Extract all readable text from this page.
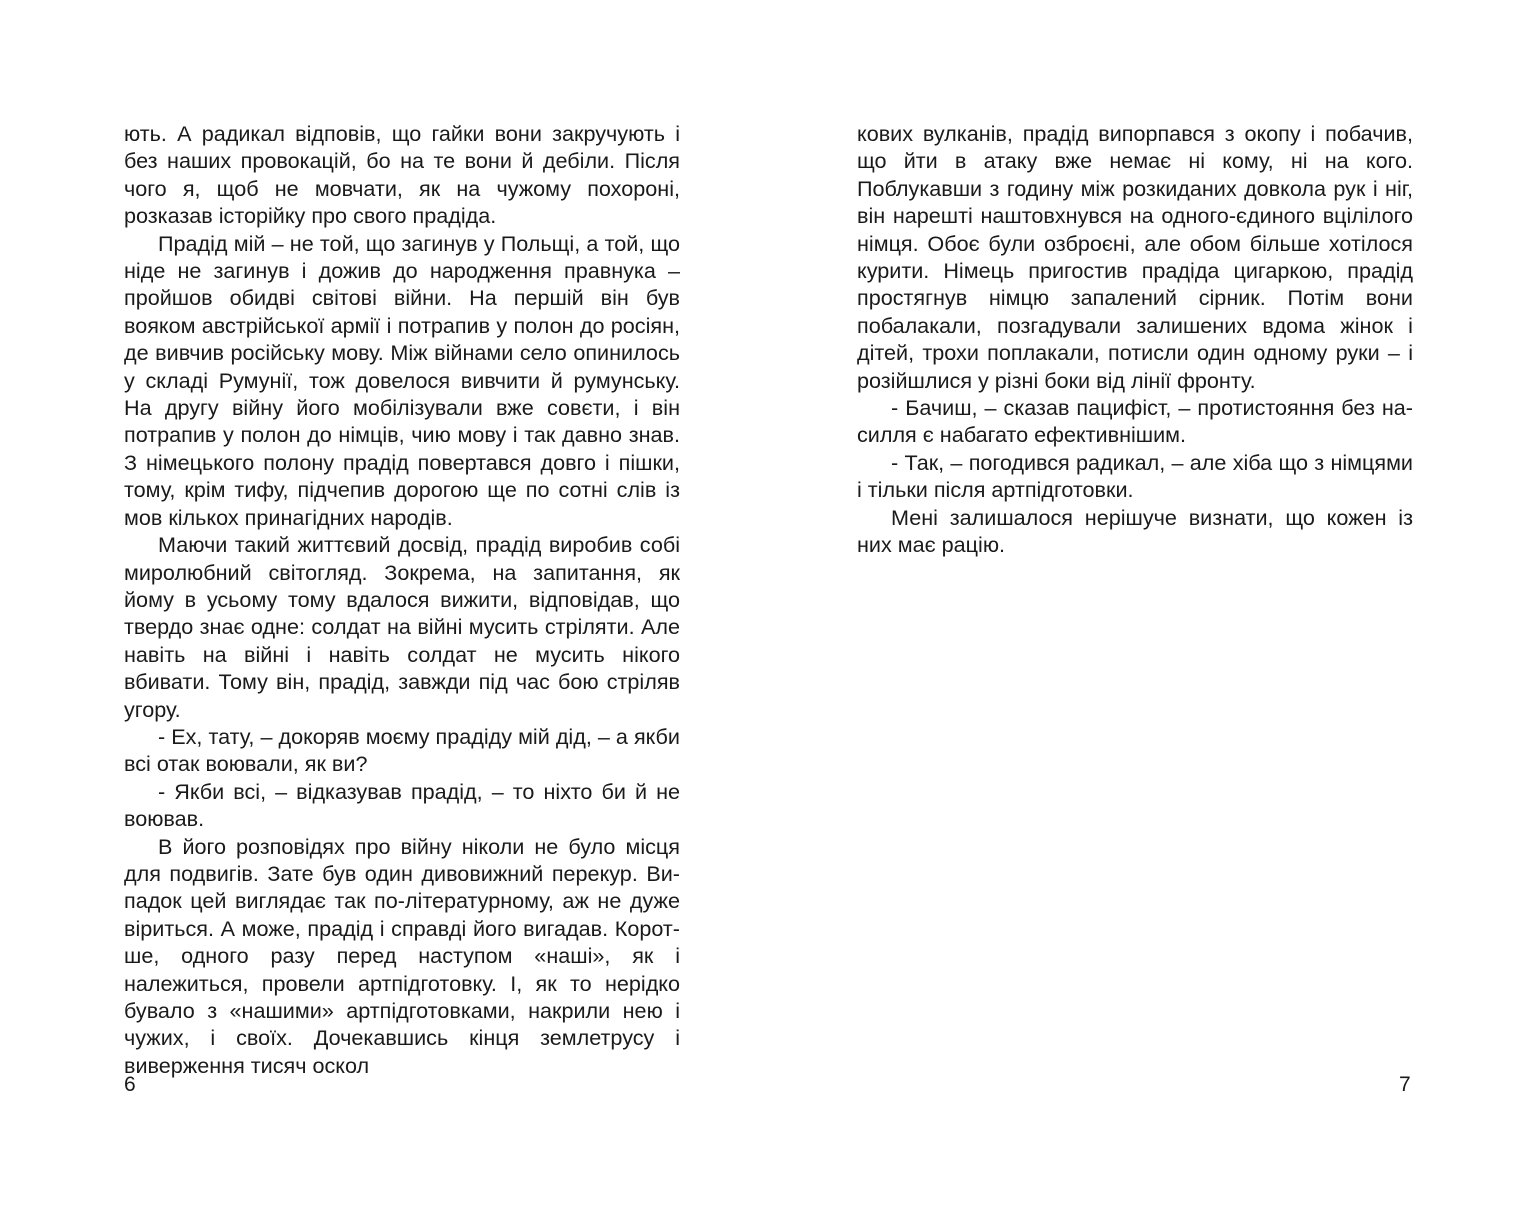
ють. А радикал відповів, що гайки вони закручують і без наших провокацій, бо на те вони й дебіли. Після чого я, щоб не мовчати, як на чужому похороні, розказав історійку про свого прадіда.

Прадід мій – не той, що загинув у Польщі, а той, що ніде не загинув і дожив до народження правнука – пройшов обидві світові війни. На першій він був вояком австрійської армії і потрапив у полон до росіян, де вивчив російську мову. Між війнами село опинилось у складі Румунії, тож довелося вивчити й румунську. На другу війну його мобілізували вже совєти, і він потрапив у полон до німців, чию мову і так давно знав. З німецького полону прадід повертався довго і пішки, тому, крім тифу, підчепив дорогою ще по сотні слів із мов кількох принагідних народів.

Маючи такий життєвий досвід, прадід виробив собі миролюбний світогляд. Зокрема, на запитання, як йому в усьому тому вдалося вижити, відповідав, що твердо знає одне: солдат на війні мусить стріляти. Але навіть на війні і навіть солдат не мусить нікого вбивати. Тому він, прадід, завжди під час бою стріляв угору.

- Ех, тату, – докоряв моєму прадіду мій дід, – а якби всі отак воювали, як ви?

- Якби всі, – відказував прадід, – то ніхто би й не воював.

В його розповідях про війну ніколи не було місця для подвигів. Зате був один дивовижний перекур. Випадок цей виглядає так по-літературному, аж не дуже віриться. А може, прадід і справді його вигадав. Коротше, одного разу перед наступом «наші», як і належиться, провели артпідготовку. І, як то нерідко бувало з «нашими» артпідготовками, накрили нею і чужих, і своїх. Дочекавшись кінця землетрусу і виверження тисяч оскол

6

кових вулканів, прадід випорпався з окопу і побачив, що йти в атаку вже немає ні кому, ні на кого. Поблукавши з годину між розкиданих довкола рук і ніг, він нарешті наштовхнувся на одного-єдиного вцілілого німця. Обоє були озброєні, але обом більше хотілося курити. Німець пригостив прадіда цигаркою, прадід простягнув німцю запалений сірник. Потім вони побалакали, позгадували залишених вдома жінок і дітей, трохи поплакали, потисли один одному руки – і розійшлися у різні боки від лінії фронту.

- Бачиш, – сказав пацифіст, – протистояння без насилля є набагато ефективнішим.

- Так, – погодився радикал, – але хіба що з німцями і тільки після артпідготовки.

Мені залишалося нерішуче визнати, що кожен із них має рацію.

7
